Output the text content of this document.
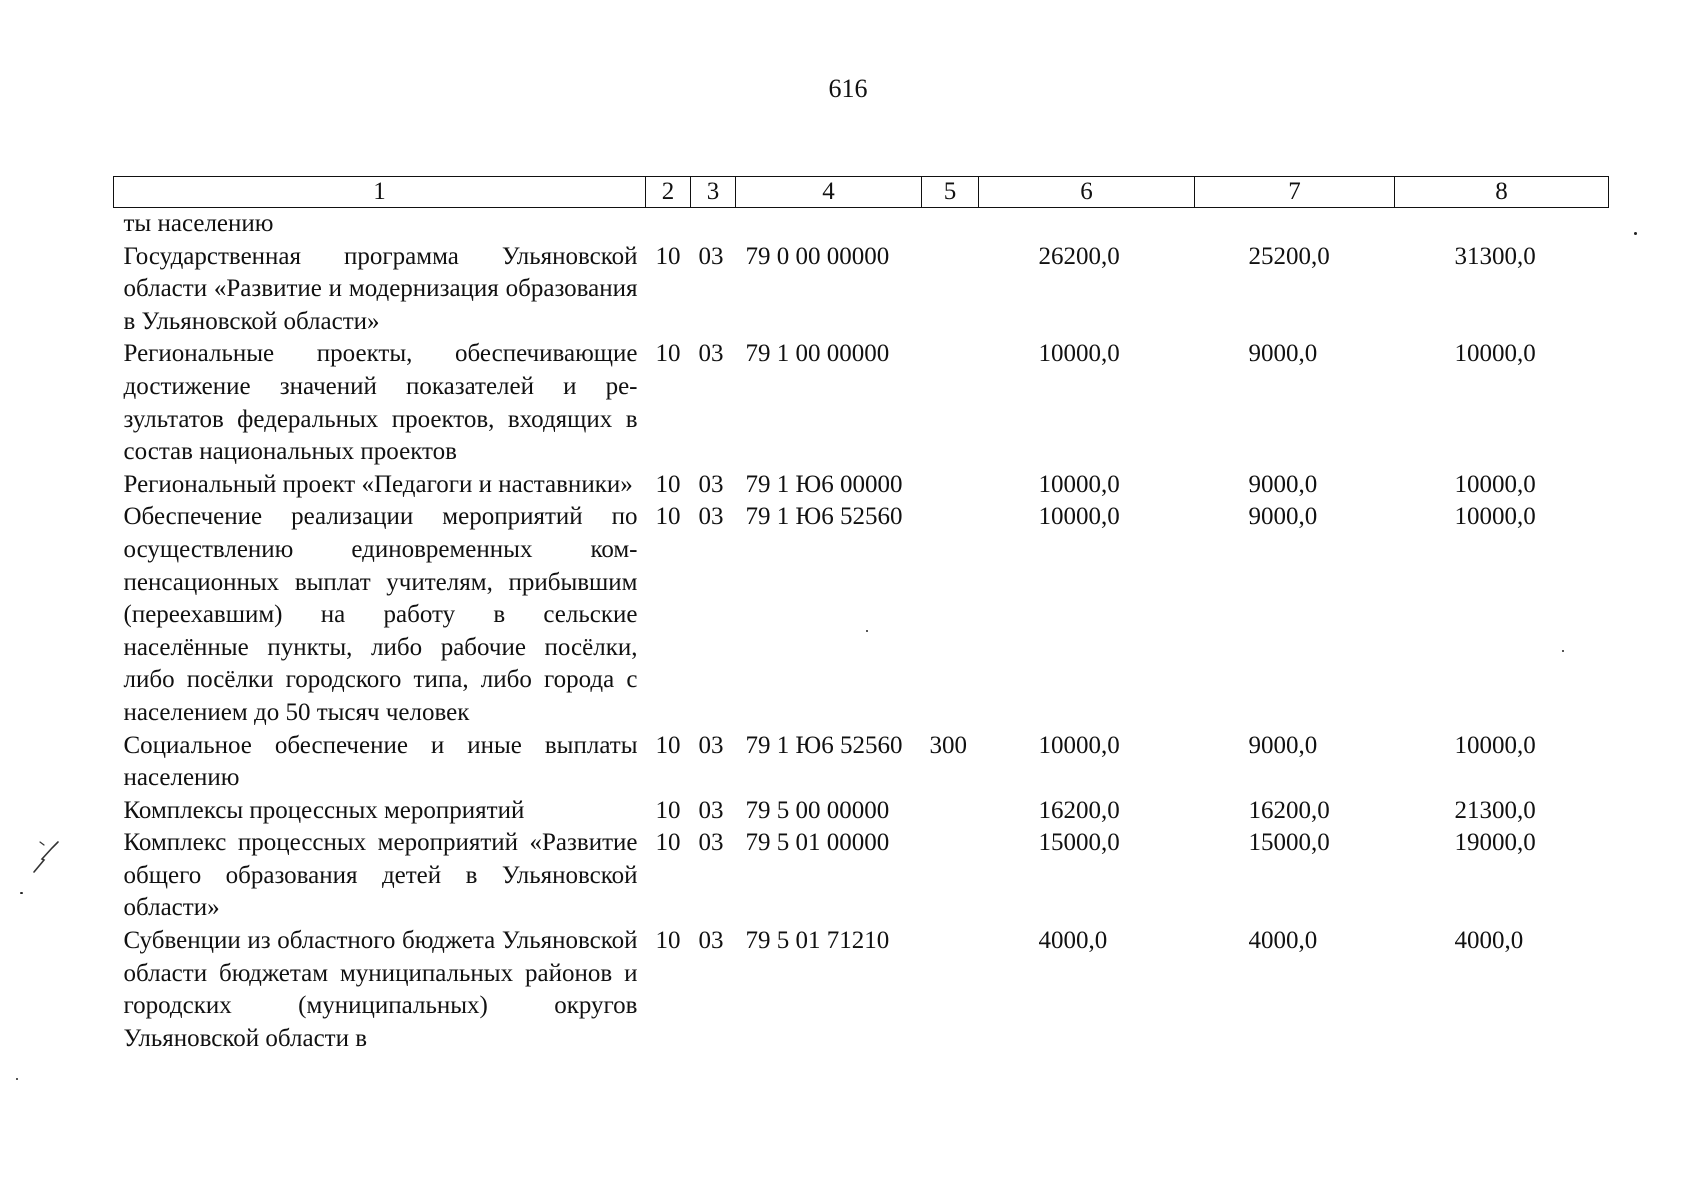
616
1	2	3	4	5	6	7	8
ты населению							
Государственная программа Ульяновской области «Развитие и модернизация образования в Ульяновской области»	10	03	79 0 00 00000		26200,0	25200,0	31300,0
Региональные проекты, обеспечивающие достижение значений показателей и результатов федеральных проектов, входящих в состав национальных проектов	10	03	79 1 00 00000		10000,0	9000,0	10000,0
Региональный проект «Педагоги и наставники»	10	03	79 1 Ю6 00000		10000,0	9000,0	10000,0
Обеспечение реализации мероприятий по осуществлению единовременных компенсационных выплат учителям, прибывшим (переехавшим) на работу в сельские населённые пункты, либо рабочие посёлки, либо посёлки городского типа, либо города с населением до 50 тысяч человек	10	03	79 1 Ю6 52560		10000,0	9000,0	10000,0
Социальное обеспечение и иные выплаты населению	10	03	79 1 Ю6 52560	300	10000,0	9000,0	10000,0
Комплексы процессных мероприятий	10	03	79 5 00 00000		16200,0	16200,0	21300,0
Комплекс процессных мероприятий «Развитие общего образования детей в Ульяновской области»	10	03	79 5 01 00000		15000,0	15000,0	19000,0
Субвенции из областного бюджета Ульяновской области бюджетам муниципальных районов и городских (муниципальных) округов Ульяновской области в	10	03	79 5 01 71210		4000,0	4000,0	4000,0
